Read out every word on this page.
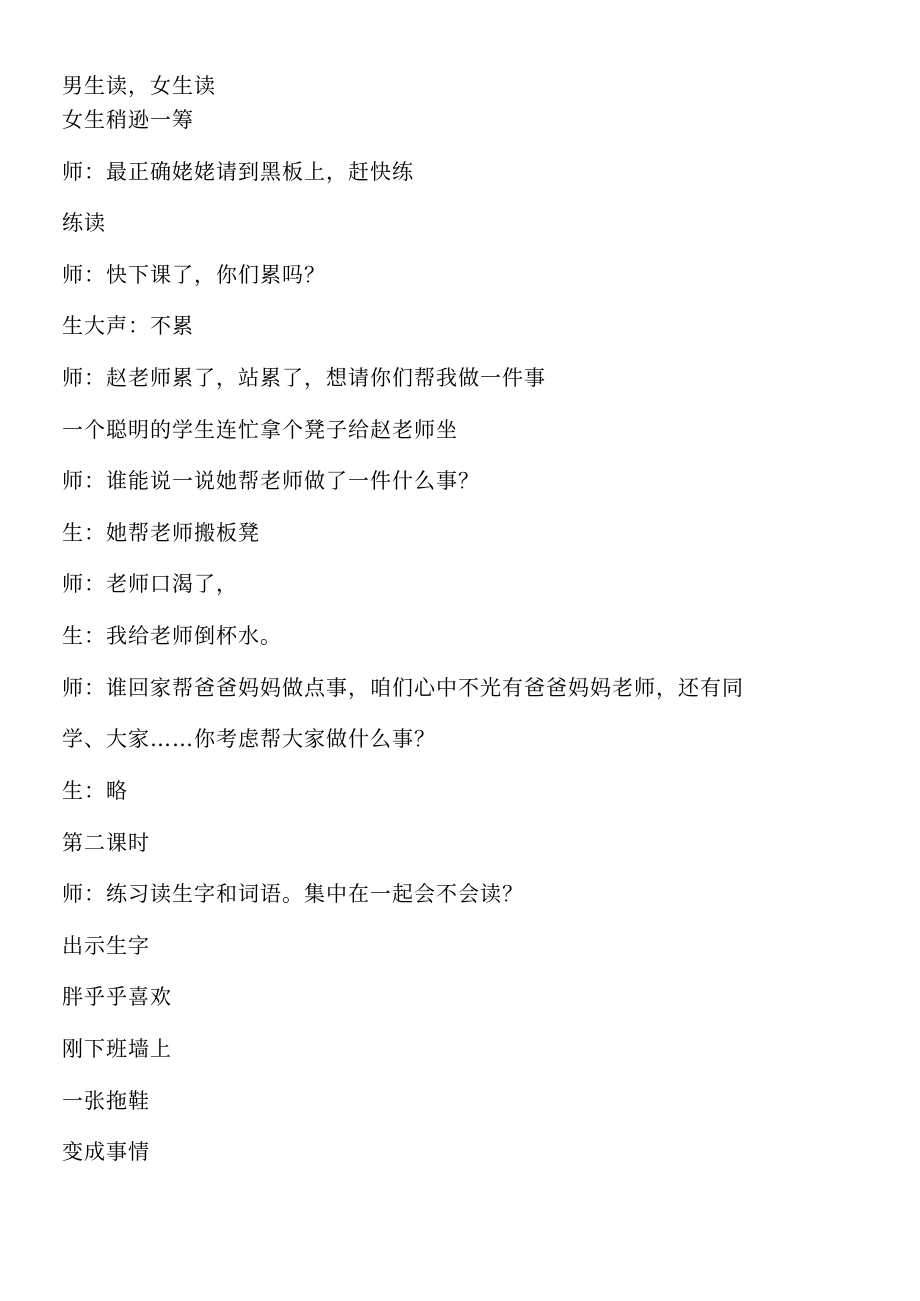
男生读，女生读

女生稍逊一筹

师：最正确姥姥请到黑板上，赶快练

练读

师：快下课了，你们累吗？

生大声：不累

师：赵老师累了，站累了，想请你们帮我做一件事

一个聪明的学生连忙拿个凳子给赵老师坐

师：谁能说一说她帮老师做了一件什么事？

生：她帮老师搬板凳

师：老师口渴了，

生：我给老师倒杯水。

师：谁回家帮爸爸妈妈做点事，咱们心中不光有爸爸妈妈老师，还有同

学、大家……你考虑帮大家做什么事？

生：略

第二课时

师：练习读生字和词语。集中在一起会不会读？

出示生字

胖乎乎喜欢

刚下班墙上

一张拖鞋

变成事情
